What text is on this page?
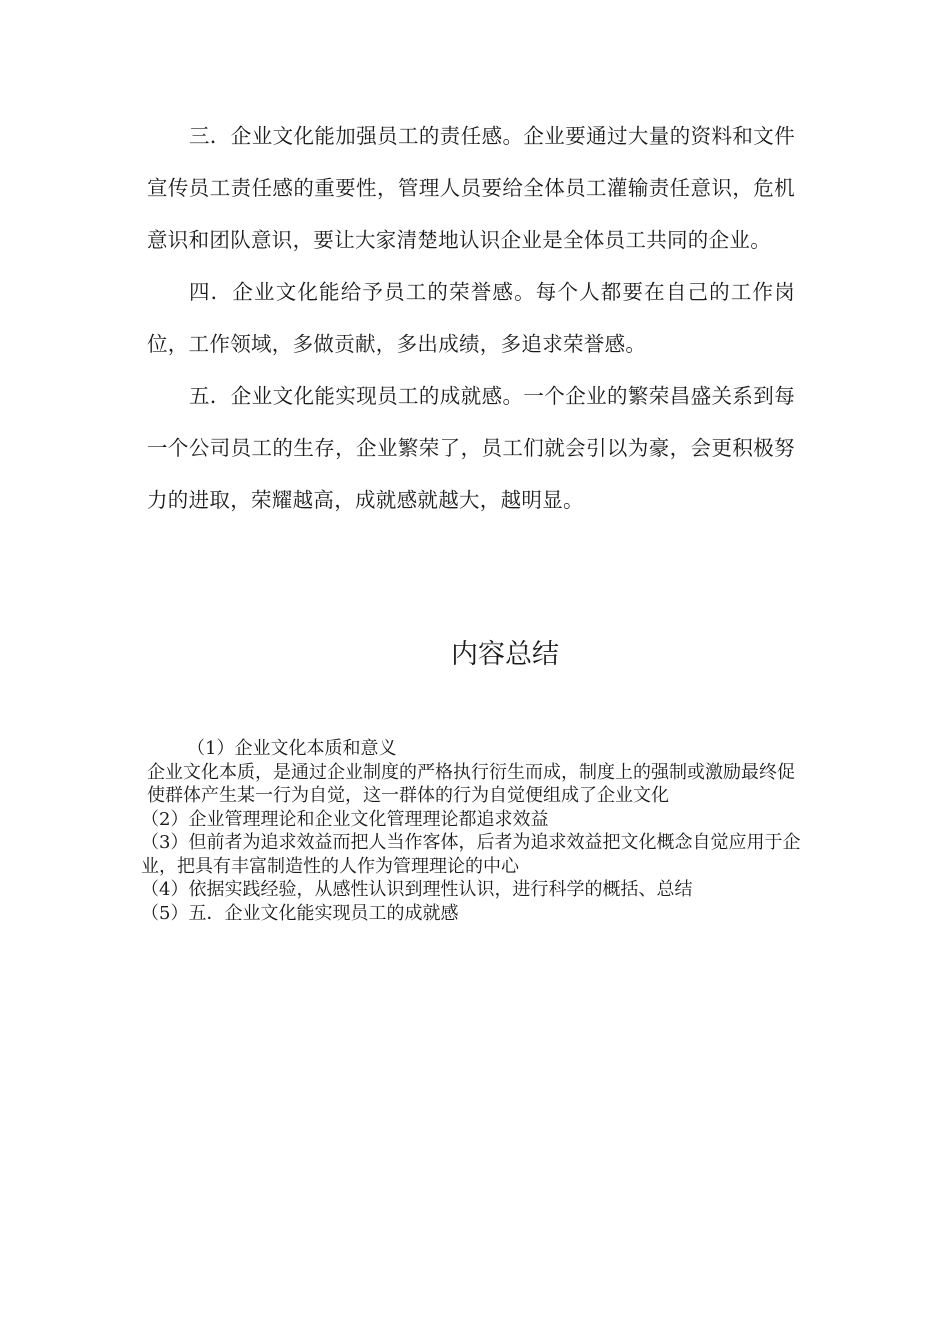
三．企业文化能加强员工的责任感。企业要通过大量的资料和文件宣传员工责任感的重要性，管理人员要给全体员工灌输责任意识，危机意识和团队意识，要让大家清楚地认识企业是全体员工共同的企业。

四．企业文化能给予员工的荣誉感。每个人都要在自己的工作岗位，工作领域，多做贡献，多出成绩，多追求荣誉感。

五．企业文化能实现员工的成就感。一个企业的繁荣昌盛关系到每一个公司员工的生存，企业繁荣了，员工们就会引以为豪，会更积极努力的进取，荣耀越高，成就感就越大，越明显。

内容总结

（1）企业文化本质和意义

企业文化本质，是通过企业制度的严格执行衍生而成，制度上的强制或激励最终促使群体产生某一行为自觉，这一群体的行为自觉便组成了企业文化

（2）企业管理理论和企业文化管理理论都追求效益

（3）但前者为追求效益而把人当作客体，后者为追求效益把文化概念自觉应用于企业，把具有丰富制造性的人作为管理理论的中心

（4）依据实践经验，从感性认识到理性认识，进行科学的概括、总结

（5）五．企业文化能实现员工的成就感
